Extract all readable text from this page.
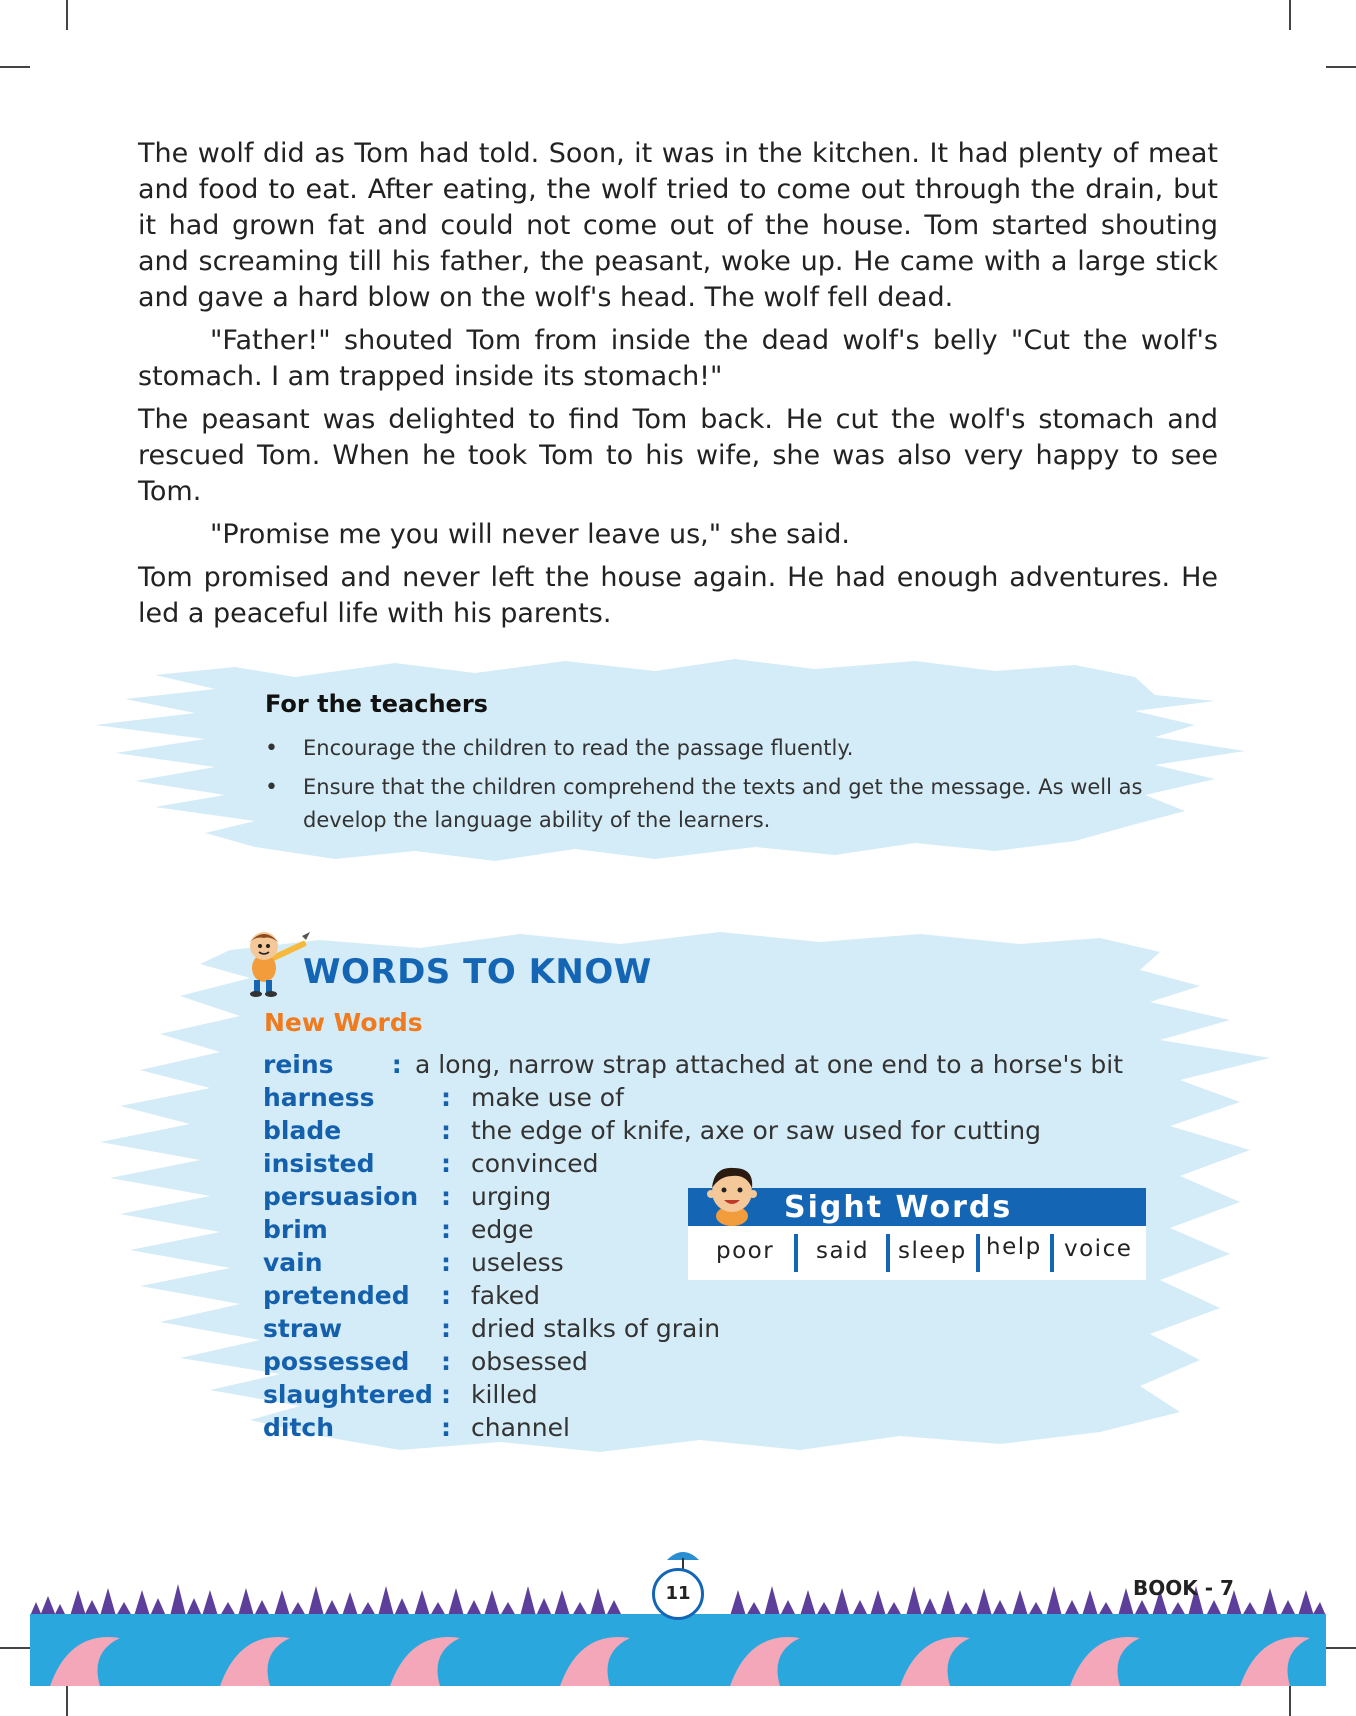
The wolf did as Tom had told. Soon, it was in the kitchen. It had plenty of meat and food to eat. After eating, the wolf tried to come out through the drain, but it had grown fat and could not come out of the house. Tom started shouting and screaming till his father, the peasant, woke up. He came with a large stick and gave a hard blow on the wolf's head. The wolf fell dead.

"Father!" shouted Tom from inside the dead wolf's belly "Cut the wolf's stomach. I am trapped inside its stomach!"

The peasant was delighted to find Tom back. He cut the wolf's stomach and rescued Tom. When he took Tom to his wife, she was also very happy to see Tom.

"Promise me you will never leave us," she said.

Tom promised and never left the house again. He had enough adventures. He led a peaceful life with his parents.

For the teachers
• Encourage the children to read the passage fluently.
• Ensure that the children comprehend the texts and get the message. As well as develop the language ability of the learners.
WORDS TO KNOW
New Words
reins	: a long, narrow strap attached at one end to a horse's bit
harness	: make use of
blade	: the edge of knife, axe or saw used for cutting
insisted	: convinced
persuasion : urging
brim	: edge
vain	: useless
pretended	: faked
straw	: dried stalks of grain
possessed	: obsessed
slaughtered : killed
ditch	: channel
Sight Words
poor said sleep help voice
11	BOOK - 7
